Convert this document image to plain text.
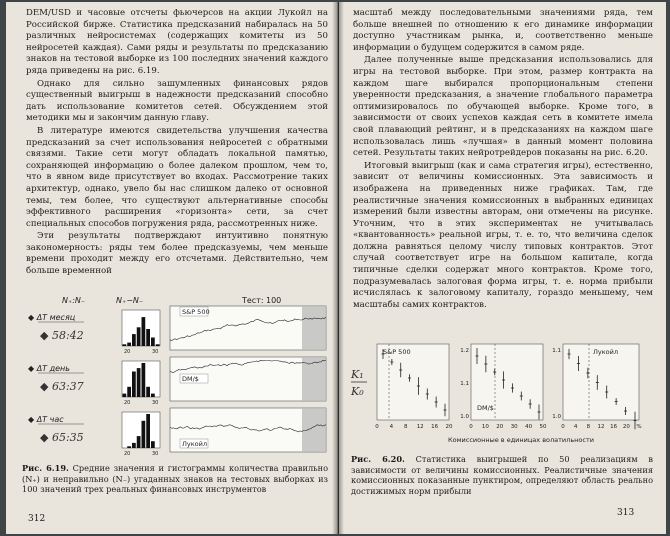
DEM/USD и часовые отсчеты фьючерсов на акции Лукойл на Российской бирже. Статистика предсказаний набиралась на 50 различных нейросистемах (содержащих комитеты из 50 нейросетей каждая). Сами ряды и результаты по предсказанию знаков на тестовой выборке из 100 последних значений каждого ряда приведены на рис. 6.19.

Однако для сильно зашумленных финансовых рядов существенный выигрыш в надежности предсказаний способно дать использование комитетов сетей. Обсуждением этой методики мы и закончим данную главу.

В литературе имеются свидетельства улучшения качества предсказаний за счет использования нейросетей с обратными связями. Такие сети могут обладать локальной памятью, сохраняющей информацию о более далеком прошлом, чем то, что в явном виде присутствует во входах. Рассмотрение таких архитектур, однако, увело бы нас слишком далеко от основной темы, тем более, что существуют альтернативные способы эффективного расширения «горизонта» сети, за счет специальных способов погружения ряда, рассмотренных ниже.

Эти результаты подтверждают интуитивно понятную закономерность: ряды тем более предсказуемы, чем меньше времени проходит между его отсчетами. Действительно, чем больше временной

N₊:N₋	N₊−N₋	Тест: 100
◆ ΔT месяц
◆ 58:42
20	30
S&P 500
◆ ΔT день
◆ 63:37
20	30
DM/$
◆ ΔT час
◆ 65:35
20	30
Лукойл
Рис. 6.19. Средние значения и гистограммы количества правильно (N₊) и неправильно (N₋) угаданных знаков на тестовых выборках из 100 значений трех реальных финансовых инструментов
312

масштаб между последовательными значениями ряда, тем больше внешней по отношению к его динамике информации доступно участникам рынка, и, соответственно меньше информации о будущем содержится в самом ряде.

Далее полученные выше предсказания использовались для игры на тестовой выборке. При этом, размер контракта на каждом шаге выбирался пропорциональным степени уверенности предсказания, а значение глобального параметра оптимизировалось по обучающей выборке. Кроме того, в зависимости от своих успехов каждая сеть в комитете имела свой плавающий рейтинг, и в предсказаниях на каждом шаге использовалась лишь «лучшая» в данный момент половина сетей. Результаты таких нейротрейдеров показаны на рис. 6.20.

Итоговый выигрыш (как и сама стратегия игры), естественно, зависит от величины комиссионных. Эта зависимость и изображена на приведенных ниже графиках. Там, где реалистичные значения комиссионных в выбранных единицах измерений были известны авторам, они отмечены на рисунке. Уточним, что в этих экспериментах не учитывалась «квантованность» реальной игры, т. е. то, что величина сделок должна равняться целому числу типовых контрактов. Этот случай соответствует игре на большом капитале, когда типичные сделки содержат много контрактов. Кроме того, подразумевалась залоговая форма игры, т. е. норма прибыли исчислялась к залоговому капиталу, гораздо меньшему, чем масштабы самих контрактов.

K₁
K₀
S&P 500
0 4 8 12 16 20
DM/$
1.2
1.1
1.0
0 10 20 30 40 50
Лукойл
1.1
1.0
0 4 8 12 16 20 %
Комиссионные в единицах волатильности
Рис. 6.20. Статистика выигрышей по 50 реализациям в зависимости от величины комиссионных. Реалистичные значения комиссионных показанные пунктиром, определяют область реально достижимых норм прибыли
313
